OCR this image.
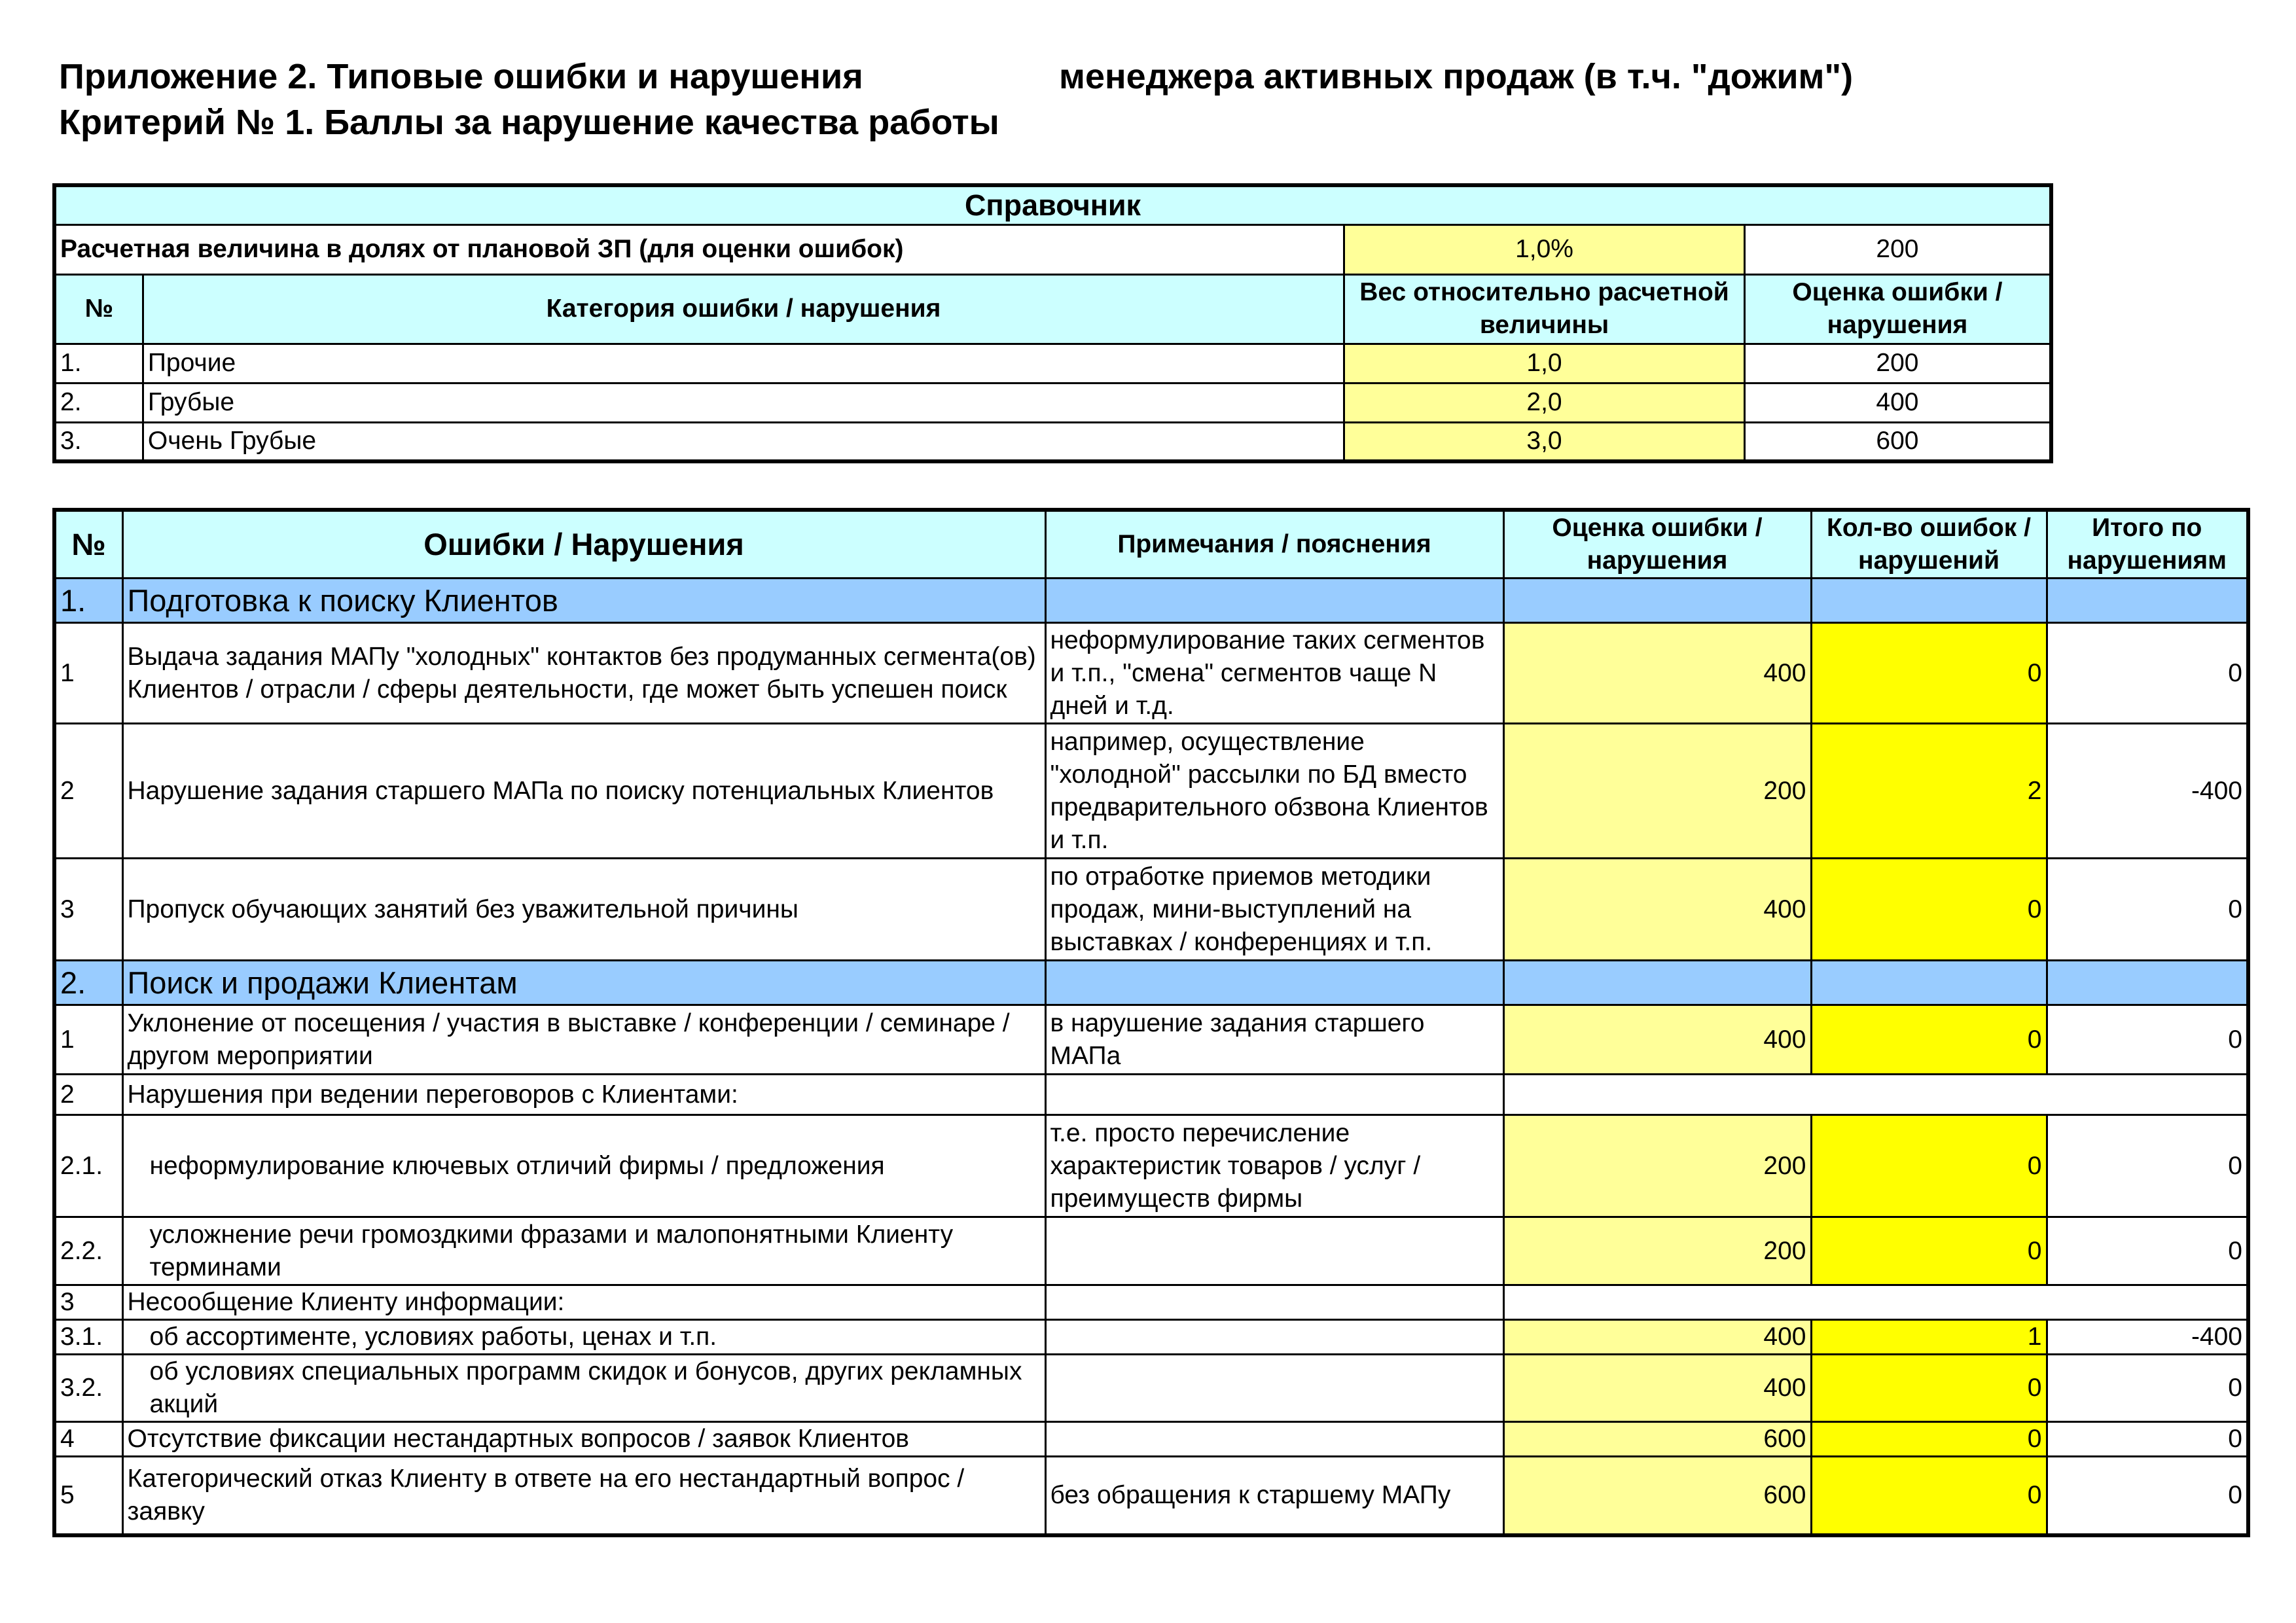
Приложение 2. Типовые ошибки и нарушения	менеджера активных продаж (в т.ч. "дожим")
Критерий № 1. Баллы за нарушение качества работы
Справочник			
Расчетная величина в долях от плановой ЗП (для оценки ошибок)		1,0%	200
№	Категория ошибки / нарушения	Вес относительно расчетной величины	Оценка ошибки / нарушения
1.	Прочие	1,0	200
2.	Грубые	2,0	400
3.	Очень Грубые	3,0	600
№	Ошибки / Нарушения	Примечания / пояснения	Оценка ошибки / нарушения	Кол-во ошибок / нарушений	Итого по нарушениям
1.	Подготовка к поиску Клиентов				
1	Выдача задания МАПу "холодных" контактов без продуманных сегмента(ов) Клиентов / отрасли / сферы деятельности, где может быть успешен поиск	неформулирование таких сегментов и т.п., "смена" сегментов чаще N дней и т.д.	400	0	0
2	Нарушение задания старшего МАПа по поиску потенциальных Клиентов	например, осуществление "холодной" рассылки по БД вместо предварительного обзвона Клиентов и т.п.	200	2	-400
3	Пропуск обучающих занятий без уважительной причины	по отработке приемов методики продаж, мини-выступлений на выставках / конференциях и т.п.	400	0	0
2.	Поиск и продажи Клиентам				
1	Уклонение от посещения / участия в выставке / конференции / семинаре / другом мероприятии	в нарушение задания старшего МАПа	400	0	0
2	Нарушения при ведении переговоров с Клиентами:				
2.1.	неформулирование ключевых отличий фирмы / предложения	т.е. просто перечисление характеристик товаров / услуг / преимуществ фирмы	200	0	0
2.2.	усложнение речи громоздкими фразами и малопонятными Клиенту терминами		200	0	0
3	Несообщение Клиенту информации:				
3.1.	об ассортименте, условиях работы, ценах и т.п.		400	1	-400
3.2.	об условиях специальных программ скидок и бонусов, других рекламных акций		400	0	0
4	Отсутствие фиксации нестандартных вопросов / заявок Клиентов		600	0	0
5	Категорический отказ Клиенту в ответе на его нестандартный вопрос / заявку	без обращения к старшему МАПу	600	0	0
